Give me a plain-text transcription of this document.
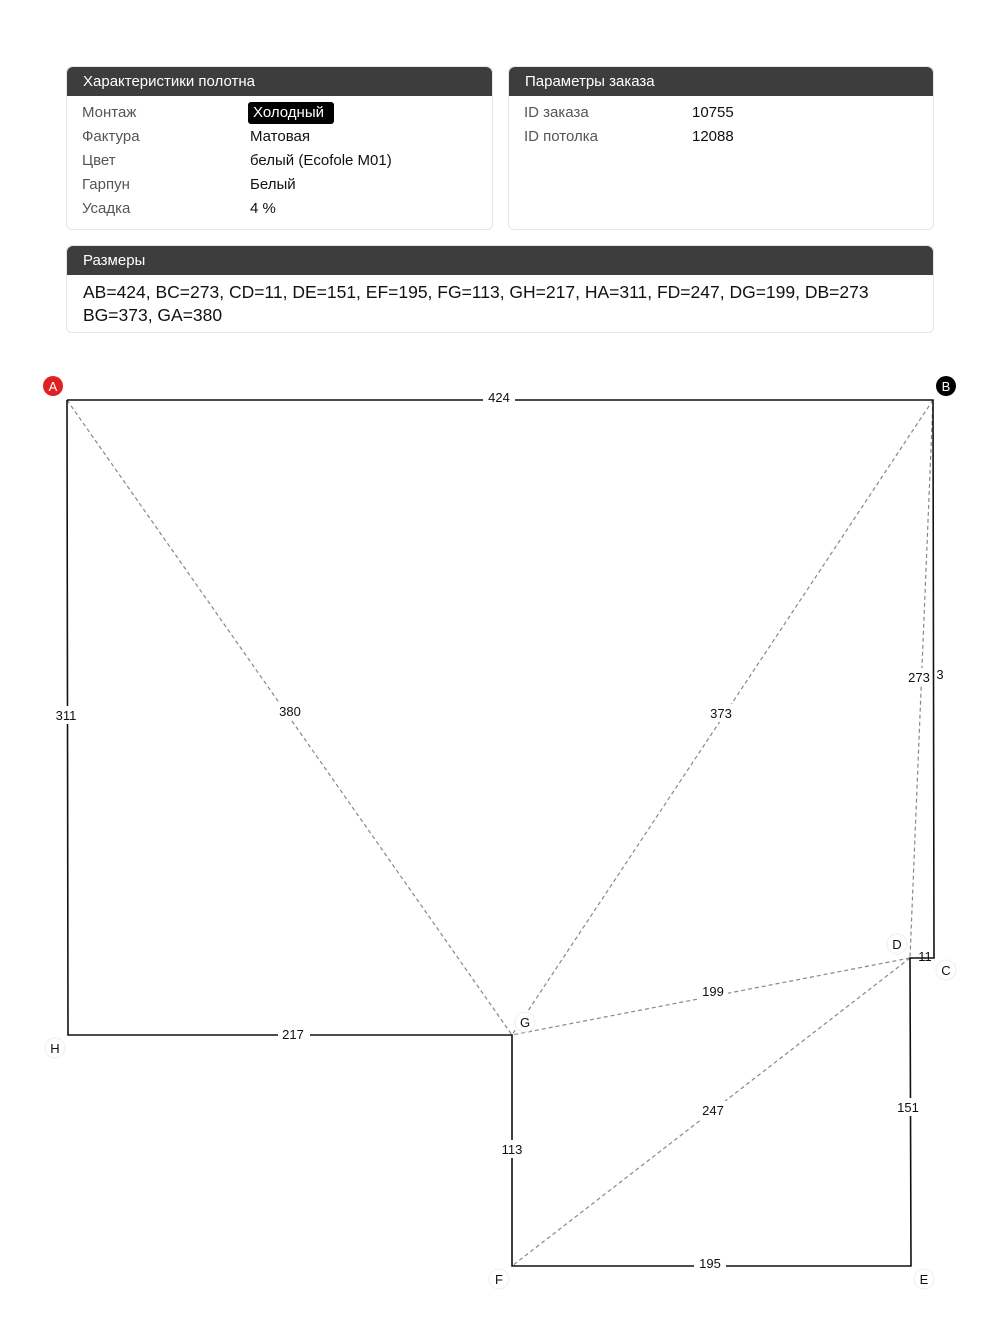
Характеристики полотна
Монтаж	Холодный
Фактура	Матовая
Цвет	белый (Ecofole M01)
Гарпун	Белый
Усадка	4 %
Параметры заказа
ID заказа	10755
ID потолка	12088
Размеры
AB=424, BC=273, CD=11, DE=151, EF=195, FG=113, GH=217, HA=311, FD=247, DG=199, DB=273
BG=373, GA=380
424
273 3
11
151
195
113
217
311	380	373
199
247
A	B
C
D
E
F
G
H
